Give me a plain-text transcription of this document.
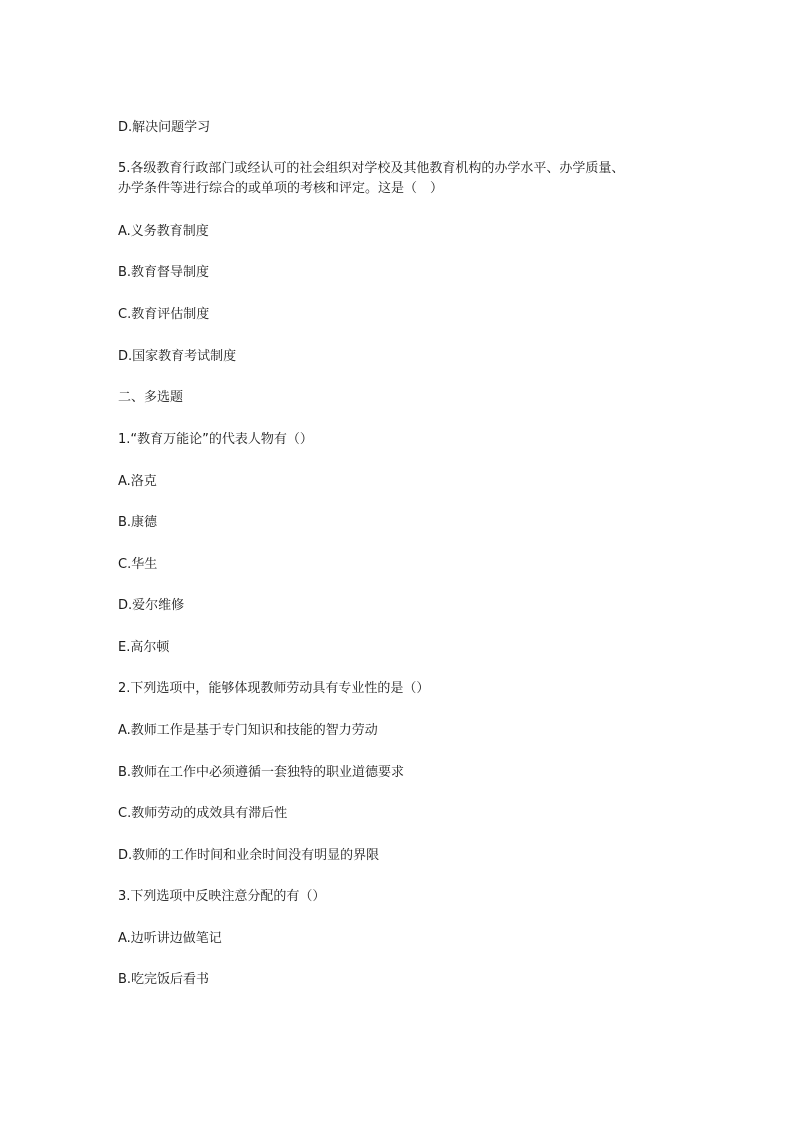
D.解决问题学习
5.各级教育行政部门或经认可的社会组织对学校及其他教育机构的办学水平、办学质量、
办学条件等进行综合的或单项的考核和评定。这是（　）
A.义务教育制度
B.教育督导制度
C.教育评估制度
D.国家教育考试制度
二、多选题
1.“教育万能论”的代表人物有（）
A.洛克
B.康德
C.华生
D.爱尔维修
E.高尔顿
2.下列选项中，能够体现教师劳动具有专业性的是（）
A.教师工作是基于专门知识和技能的智力劳动
B.教师在工作中必须遵循一套独特的职业道德要求
C.教师劳动的成效具有滞后性
D.教师的工作时间和业余时间没有明显的界限
3.下列选项中反映注意分配的有（）
A.边听讲边做笔记
B.吃完饭后看书
